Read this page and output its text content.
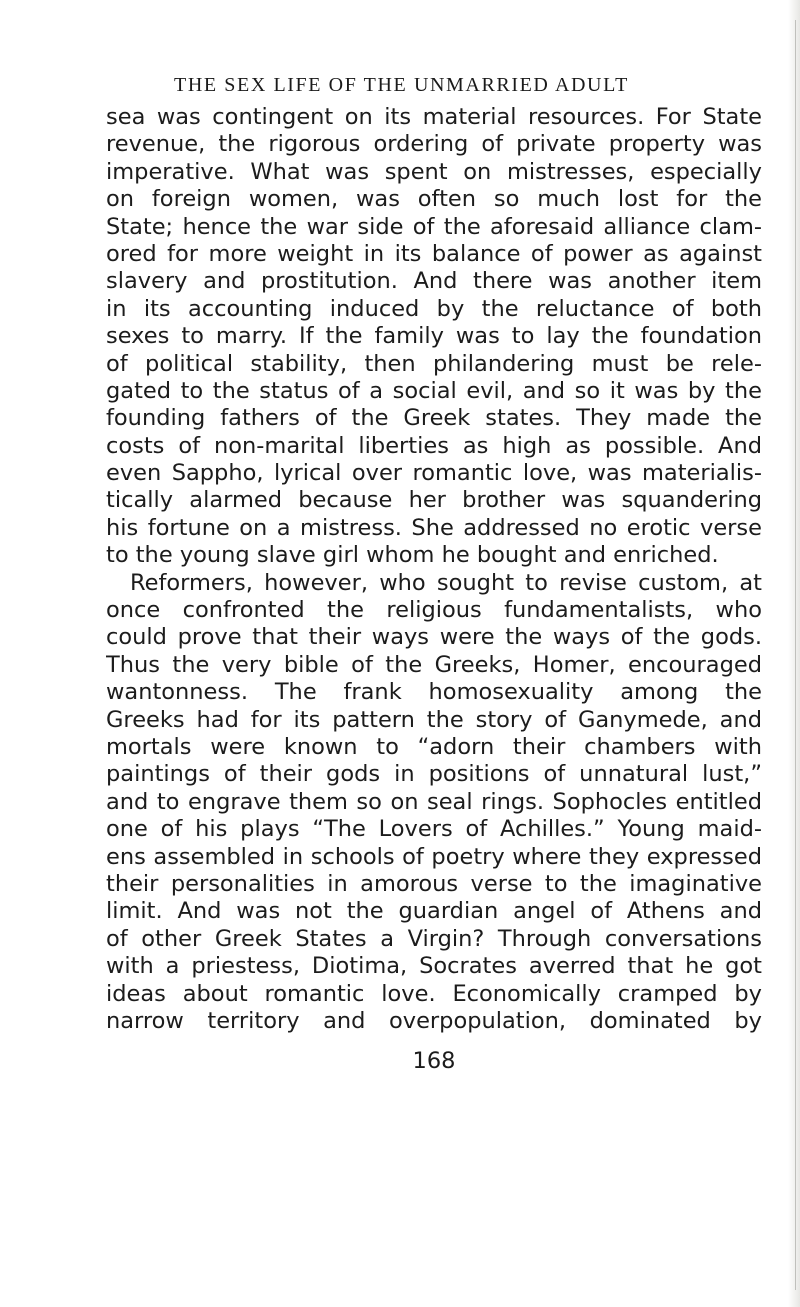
THE SEX LIFE OF THE UNMARRIED ADULT
sea was contingent on its material resources. For State
revenue, the rigorous ordering of private property was
imperative. What was spent on mistresses, especially
on foreign women, was often so much lost for the
State; hence the war side of the aforesaid alliance clam-
ored for more weight in its balance of power as against
slavery and prostitution. And there was another item
in its accounting induced by the reluctance of both
sexes to marry. If the family was to lay the foundation
of political stability, then philandering must be rele-
gated to the status of a social evil, and so it was by the
founding fathers of the Greek states. They made the
costs of non-marital liberties as high as possible. And
even Sappho, lyrical over romantic love, was materialis-
tically alarmed because her brother was squandering
his fortune on a mistress. She addressed no erotic verse
to the young slave girl whom he bought and enriched.
Reformers, however, who sought to revise custom, at
once confronted the religious fundamentalists, who
could prove that their ways were the ways of the gods.
Thus the very bible of the Greeks, Homer, encouraged
wantonness. The frank homosexuality among the
Greeks had for its pattern the story of Ganymede, and
mortals were known to “adorn their chambers with
paintings of their gods in positions of unnatural lust,”
and to engrave them so on seal rings. Sophocles entitled
one of his plays “The Lovers of Achilles.” Young maid-
ens assembled in schools of poetry where they expressed
their personalities in amorous verse to the imaginative
limit. And was not the guardian angel of Athens and
of other Greek States a Virgin? Through conversations
with a priestess, Diotima, Socrates averred that he got
ideas about romantic love. Economically cramped by
narrow territory and overpopulation, dominated by
168
